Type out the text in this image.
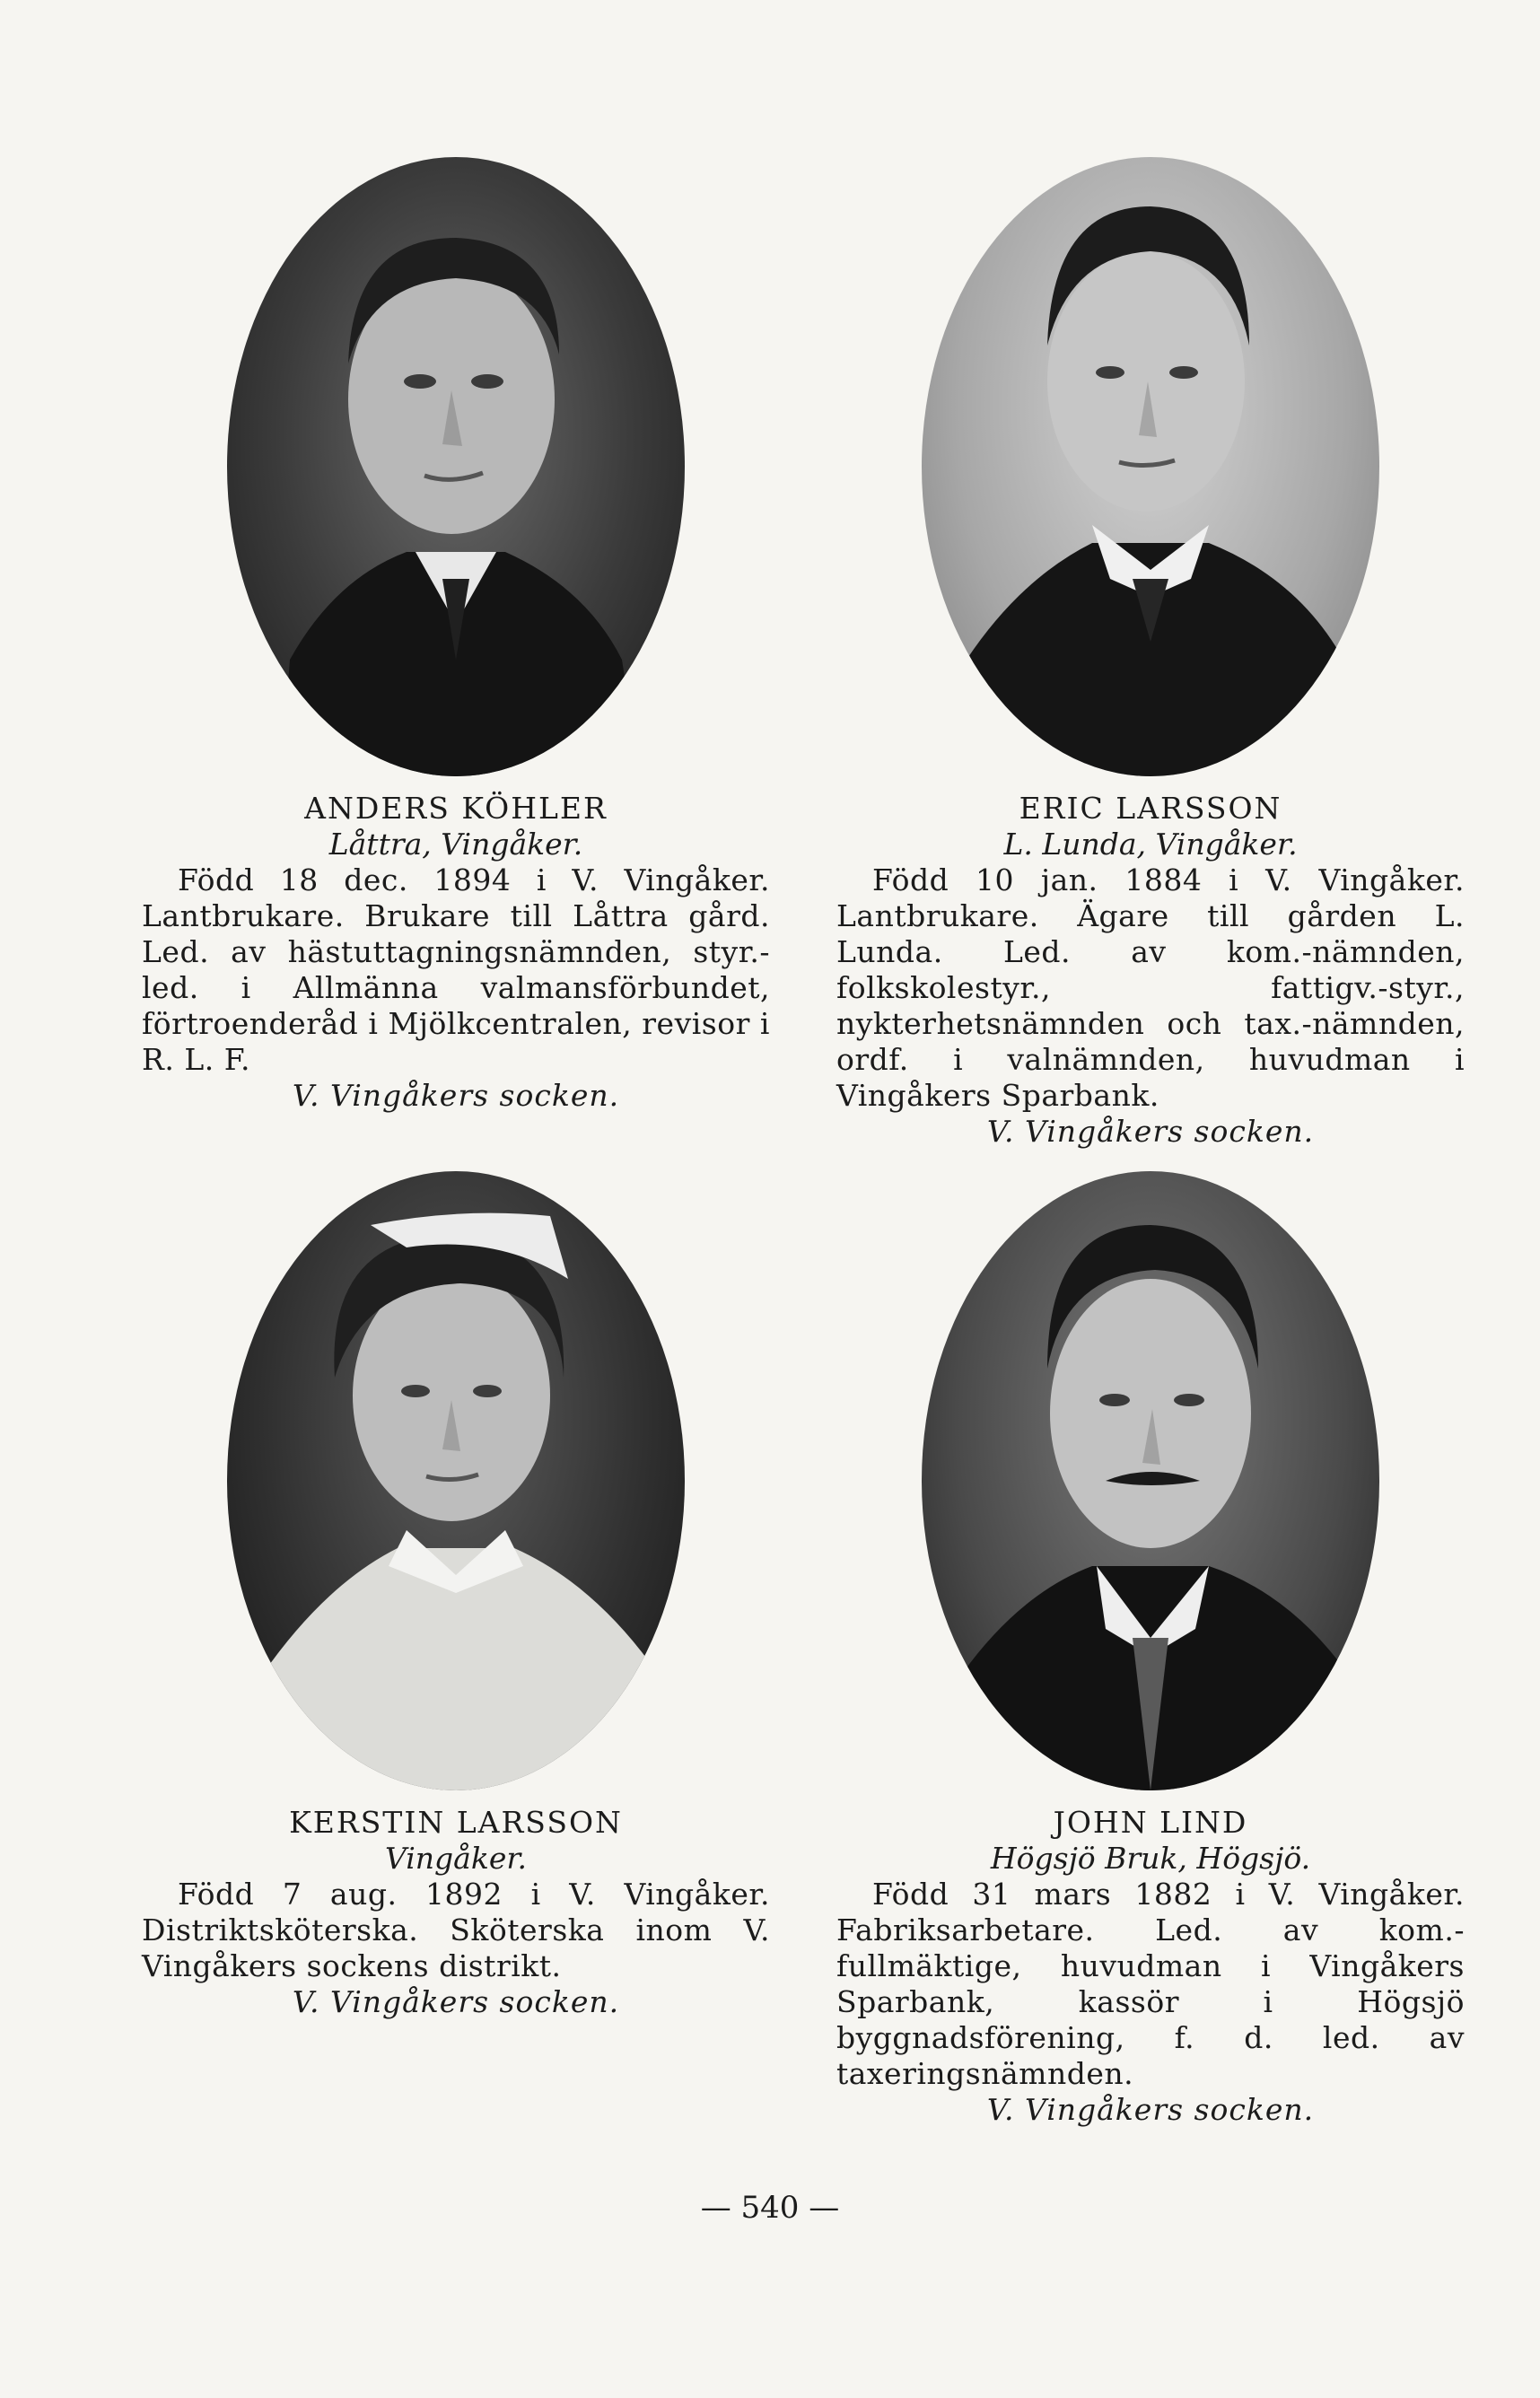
ANDERS KÖHLER
Låttra, Vingåker.
Född 18 dec. 1894 i V. Vingåker. Lantbrukare. Brukare till Låttra gård. Led. av hästuttagningsnämnden, styr.-led. i Allmänna valmansförbundet, förtroenderåd i Mjölkcentralen, revisor i R. L. F.
V. Vingåkers socken.
ERIC LARSSON
L. Lunda, Vingåker.
Född 10 jan. 1884 i V. Vingåker. Lantbrukare. Ägare till gården L. Lunda. Led. av kom.-nämnden, folkskolestyr., fattigv.-styr., nykterhetsnämnden och tax.-nämnden, ordf. i valnämnden, huvudman i Vingåkers Sparbank.
V. Vingåkers socken.
KERSTIN LARSSON
Vingåker.
Född 7 aug. 1892 i V. Vingåker. Distriktsköterska. Sköterska inom V. Vingåkers sockens distrikt.
V. Vingåkers socken.
JOHN LIND
Högsjö Bruk, Högsjö.
Född 31 mars 1882 i V. Vingåker. Fabriksarbetare. Led. av kom.-fullmäktige, huvudman i Vingåkers Sparbank, kassör i Högsjö byggnadsförening, f. d. led. av taxeringsnämnden.
V. Vingåkers socken.
— 540 —
